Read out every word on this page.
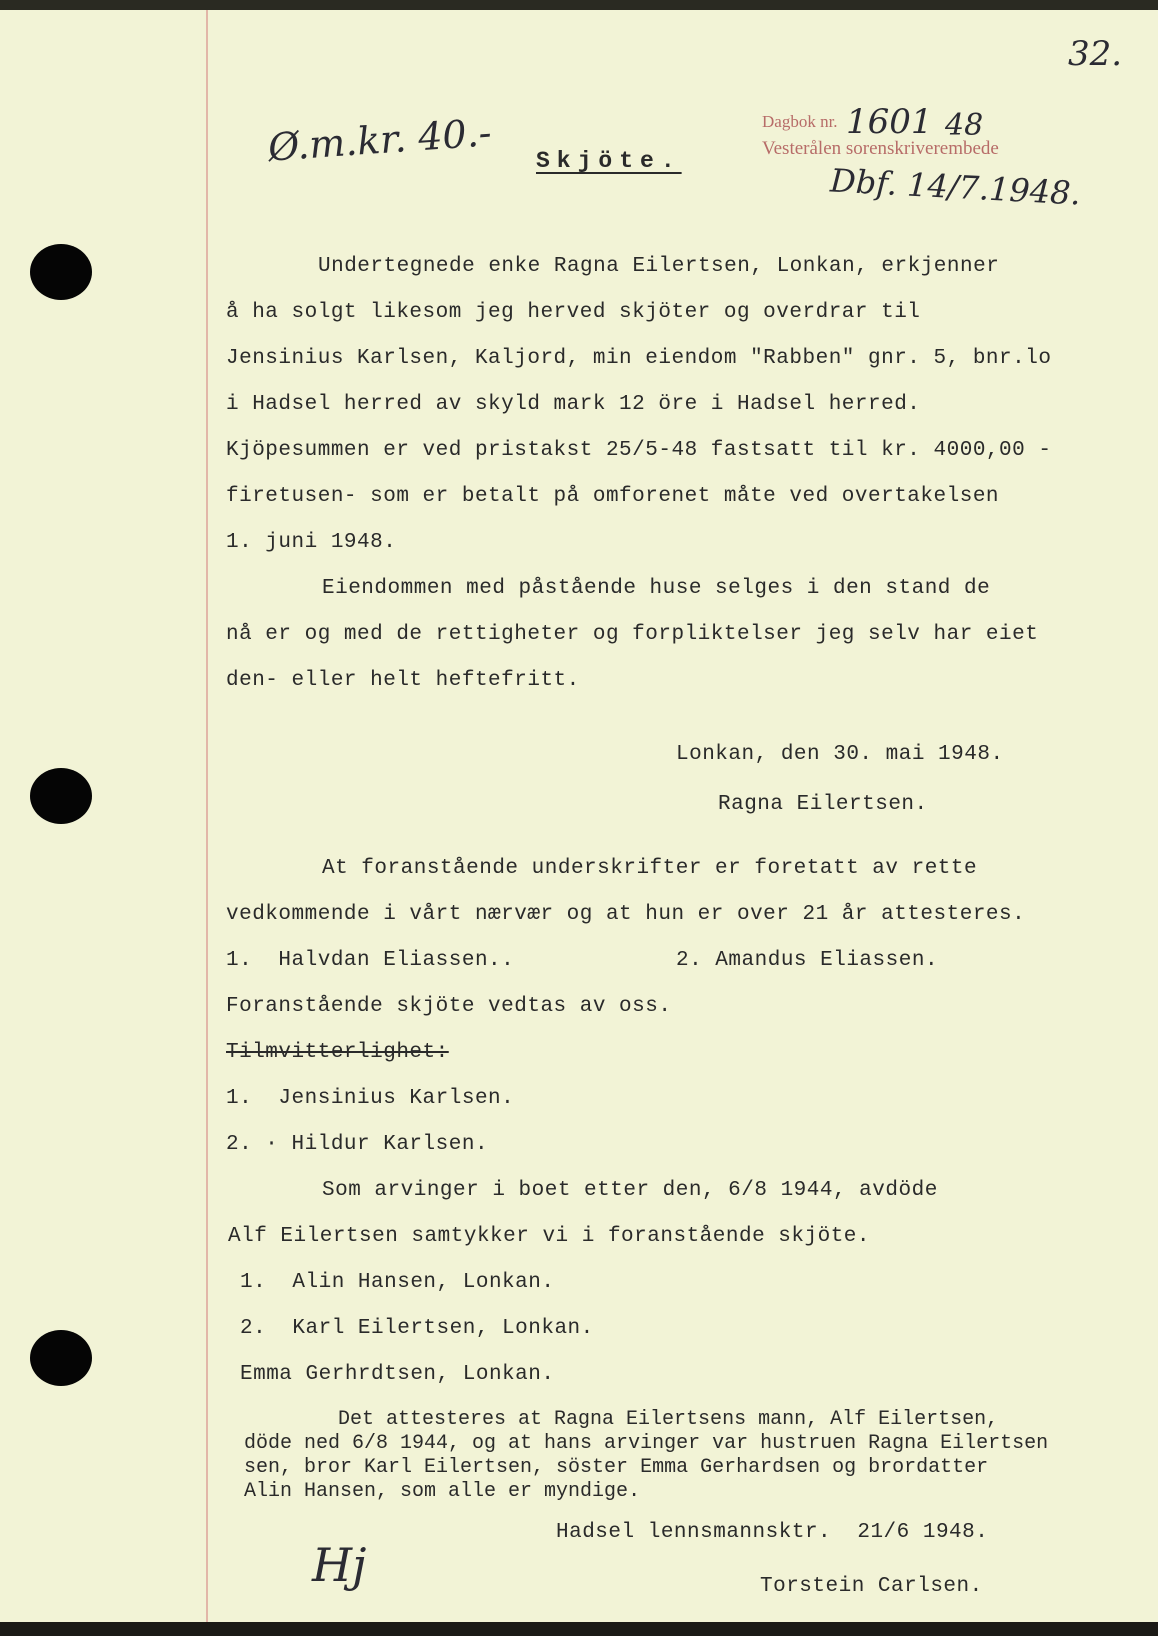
32.
Ø.m.kr. 40.-	Dagbok nr. 1601 48
Vesterålen sorenskriverembede
Dbf. 14/7.1948.
Skjöte.
Undertegnede enke Ragna Eilertsen, Lonkan, erkjenner
å ha solgt likesom jeg herved skjöter og overdrar til
Jensinius Karlsen, Kaljord, min eiendom "Rabben" gnr. 5, bnr.lo
i Hadsel herred av skyld mark 12 öre i Hadsel herred.
Kjöpesummen er ved pristakst 25/5-48 fastsatt til kr. 4000,00 -
firetusen- som er betalt på omforenet måte ved overtakelsen
1. juni 1948.
Eiendommen med påstående huse selges i den stand de
nå er og med de rettigheter og forpliktelser jeg selv har eiet
den- eller helt heftefritt.
Lonkan, den 30. mai 1948.
Ragna Eilertsen.
At foranstående underskrifter er foretatt av rette
vedkommende i vårt nærvær og at hun er over 21 år attesteres.
1.  Halvdan Eliassen..	2. Amandus Eliassen.
Foranstående skjöte vedtas av oss.
Tilmvitterlighet:
1.  Jensinius Karlsen.
2. · Hildur Karlsen.
Som arvinger i boet etter den, 6/8 1944, avdöde
Alf Eilertsen samtykker vi i foranstående skjöte.
1.  Alin Hansen, Lonkan.
2.  Karl Eilertsen, Lonkan.
Emma Gerhrdtsen, Lonkan.
Det attesteres at Ragna Eilertsens mann, Alf Eilertsen,
döde ned 6/8 1944, og at hans arvinger var hustruen Ragna Eilertsen
sen, bror Karl Eilertsen, söster Emma Gerhardsen og brordatter
Alin Hansen, som alle er myndige.
Hadsel lennsmannsktr.  21/6 1948.
Hj	Torstein Carlsen.
